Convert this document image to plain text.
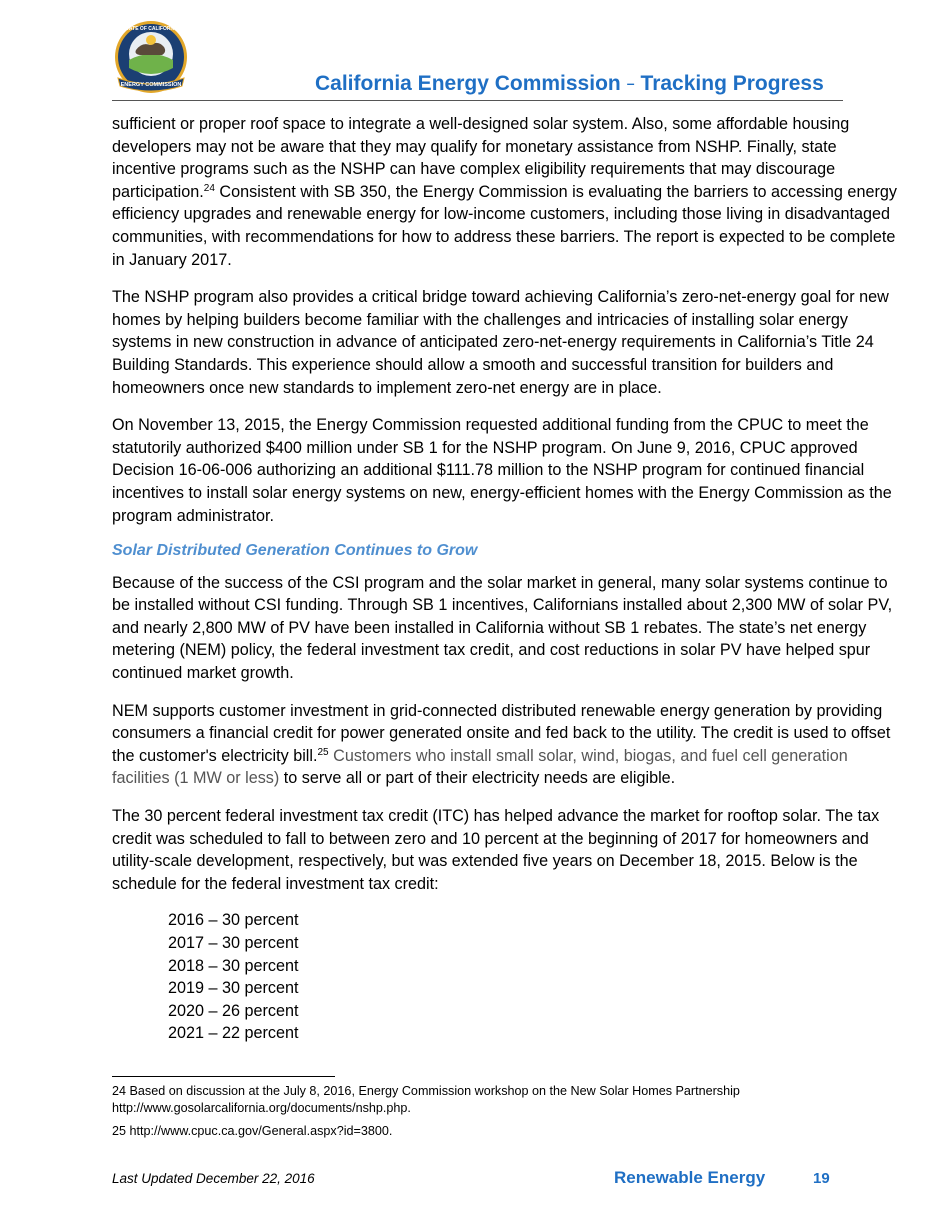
ENERGY COMMISSION
STATE OF CALIFORNIA
California Energy Commission – Tracking Progress

sufficient or proper roof space to integrate a well-designed solar system. Also, some affordable housing developers may not be aware that they may qualify for monetary assistance from NSHP. Finally, state incentive programs such as the NSHP can have complex eligibility requirements that may discourage participation.$^{24}$ Consistent with SB 350, the Energy Commission is evaluating the barriers to accessing energy efficiency upgrades and renewable energy for low-income customers, including those living in disadvantaged communities, with recommendations for how to address these barriers. The report is expected to be complete in January 2017.

The NSHP program also provides a critical bridge toward achieving California’s zero-net-energy goal for new homes by helping builders become familiar with the challenges and intricacies of installing solar energy systems in new construction in advance of anticipated zero-net-energy requirements in California’s Title 24 Building Standards. This experience should allow a smooth and successful transition for builders and homeowners once new standards to implement zero-net energy are in place.

On November 13, 2015, the Energy Commission requested additional funding from the CPUC to meet the statutorily authorized $400 million under SB 1 for the NSHP program. On June 9, 2016, CPUC approved Decision 16-06-006 authorizing an additional $111.78 million to the NSHP program for continued financial incentives to install solar energy systems on new, energy-efficient homes with the Energy Commission as the program administrator.

Solar Distributed Generation Continues to Grow

Because of the success of the CSI program and the solar market in general, many solar systems continue to be installed without CSI funding. Through SB 1 incentives, Californians installed about 2,300 MW of solar PV, and nearly 2,800 MW of PV have been installed in California without SB 1 rebates. The state’s net energy metering (NEM) policy, the federal investment tax credit, and cost reductions in solar PV have helped spur continued market growth.

NEM supports customer investment in grid-connected distributed renewable energy generation by providing consumers a financial credit for power generated onsite and fed back to the utility. The credit is used to offset the customer's electricity bill.$^{25}$ Customers who install small solar, wind, biogas, and fuel cell generation facilities (1 MW or less) to serve all or part of their electricity needs are eligible.

The 30 percent federal investment tax credit (ITC) has helped advance the market for rooftop solar. The tax credit was scheduled to fall to between zero and 10 percent at the beginning of 2017 for homeowners and utility-scale development, respectively, but was extended five years on December 18, 2015. Below is the schedule for the federal investment tax credit:

2016 – 30 percent
2017 – 30 percent
2018 – 30 percent
2019 – 30 percent
2020 – 26 percent
2021 – 22 percent

24 Based on discussion at the July 8, 2016, Energy Commission workshop on the New Solar Homes Partnership http://www.gosolarcalifornia.org/documents/nshp.php.

25 http://www.cpuc.ca.gov/General.aspx?id=3800.

Last Updated December 22, 2016	Renewable Energy	19
